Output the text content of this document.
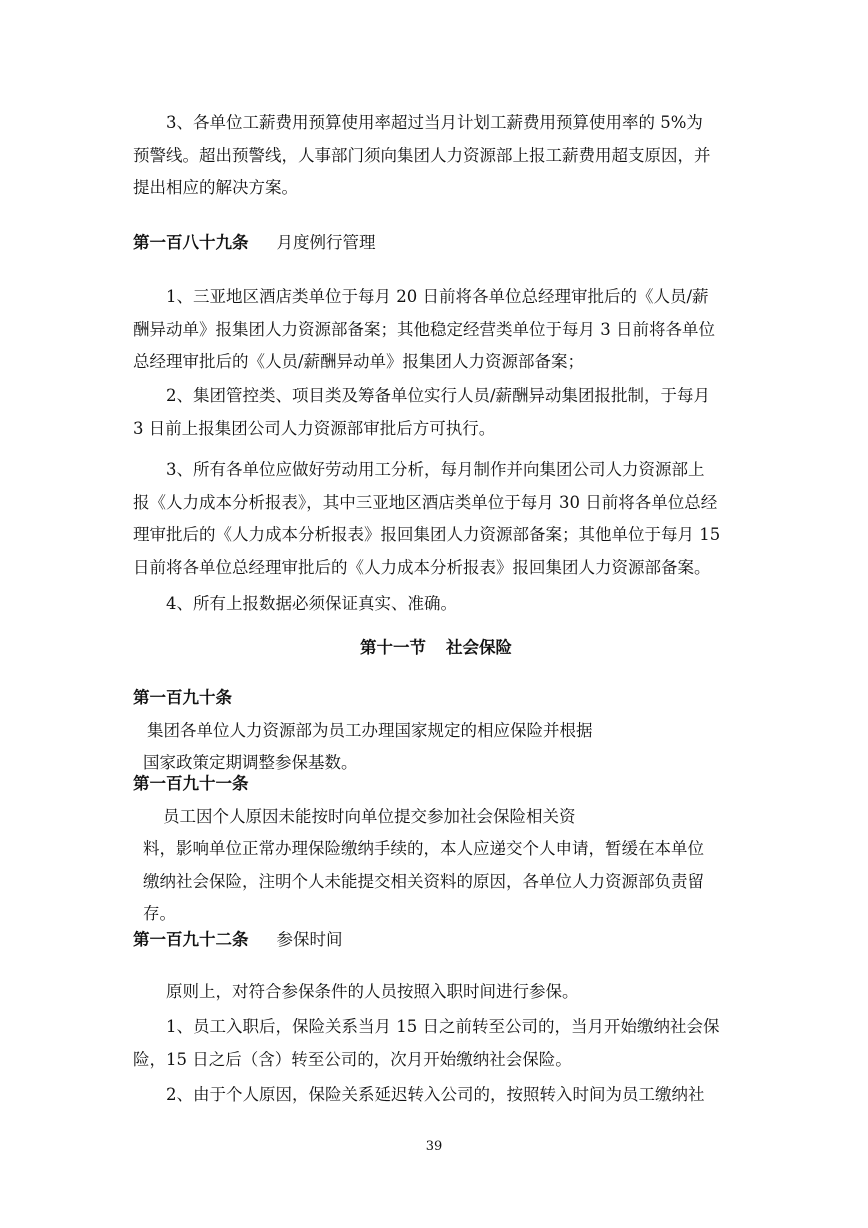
3、各单位工薪费用预算使用率超过当月计划工薪费用预算使用率的 5%为
预警线。超出预警线，人事部门须向集团人力资源部上报工薪费用超支原因，并
提出相应的解决方案。
第一百八十九条 月度例行管理
1、三亚地区酒店类单位于每月 20 日前将各单位总经理审批后的《人员/薪
酬异动单》报集团人力资源部备案；其他稳定经营类单位于每月 3 日前将各单位
总经理审批后的《人员/薪酬异动单》报集团人力资源部备案；
2、集团管控类、项目类及筹备单位实行人员/薪酬异动集团报批制，于每月
3 日前上报集团公司人力资源部审批后方可执行。
3、所有各单位应做好劳动用工分析，每月制作并向集团公司人力资源部上
报《人力成本分析报表》，其中三亚地区酒店类单位于每月 30 日前将各单位总经
理审批后的《人力成本分析报表》报回集团人力资源部备案；其他单位于每月 15
日前将各单位总经理审批后的《人力成本分析报表》报回集团人力资源部备案。
4、所有上报数据必须保证真实、准确。
第十一节 社会保险
第一百九十条
集团各单位人力资源部为员工办理国家规定的相应保险并根据
国家政策定期调整参保基数。
第一百九十一条
员工因个人原因未能按时向单位提交参加社会保险相关资
料，影响单位正常办理保险缴纳手续的，本人应递交个人申请，暂缓在本单位
缴纳社会保险，注明个人未能提交相关资料的原因，各单位人力资源部负责留
存。
第一百九十二条 参保时间
原则上，对符合参保条件的人员按照入职时间进行参保。
1、员工入职后，保险关系当月 15 日之前转至公司的，当月开始缴纳社会保
险，15 日之后（含）转至公司的，次月开始缴纳社会保险。
2、由于个人原因，保险关系延迟转入公司的，按照转入时间为员工缴纳社
39
